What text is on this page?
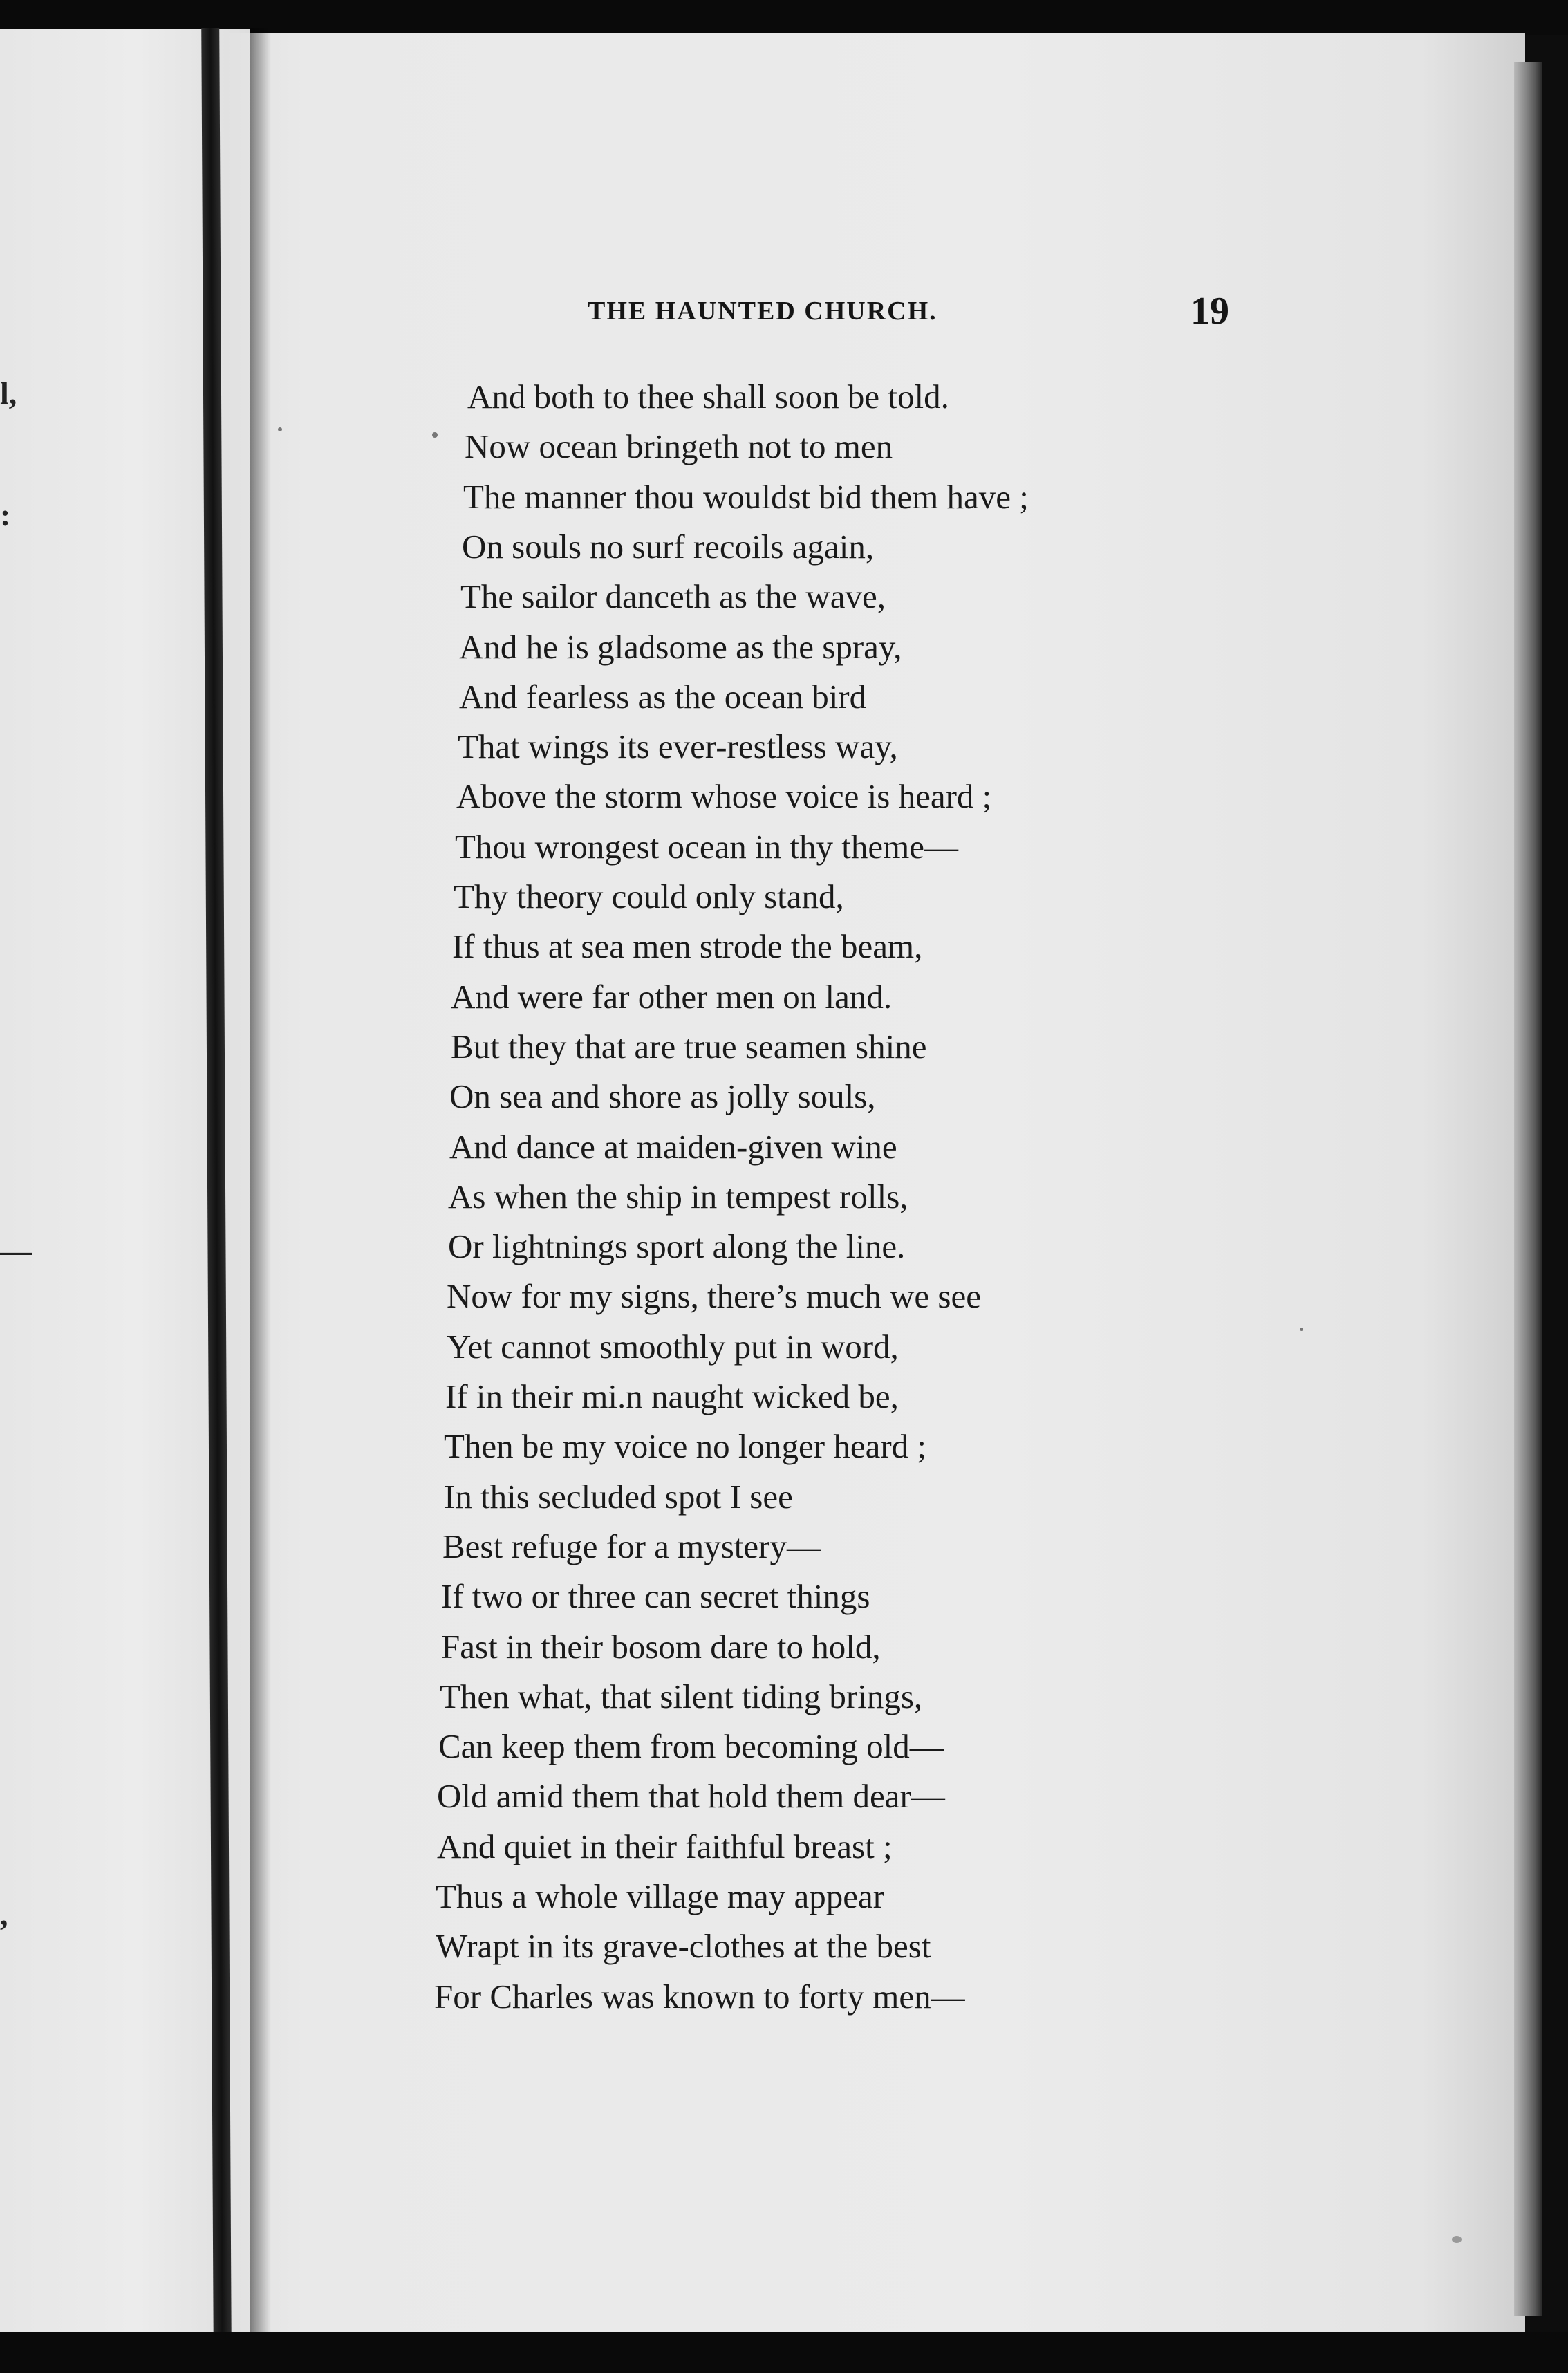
l,
:
—
,
THE HAUNTED CHURCH.	19
And both to thee shall soon be told.
Now ocean bringeth not to men
The manner thou wouldst bid them have ;
On souls no surf recoils again,
The sailor danceth as the wave,
And he is gladsome as the spray,
And fearless as the ocean bird
That wings its ever-restless way,
Above the storm whose voice is heard ;
Thou wrongest ocean in thy theme—
Thy theory could only stand,
If thus at sea men strode the beam,
And were far other men on land.
But they that are true seamen shine
On sea and shore as jolly souls,
And dance at maiden-given wine
As when the ship in tempest rolls,
Or lightnings sport along the line.
Now for my signs, there’s much we see
Yet cannot smoothly put in word,
If in their mi.n naught wicked be,
Then be my voice no longer heard ;
In this secluded spot I see
Best refuge for a mystery—
If two or three can secret things
Fast in their bosom dare to hold,
Then what, that silent tiding brings,
Can keep them from becoming old—
Old amid them that hold them dear—
And quiet in their faithful breast ;
Thus a whole village may appear
Wrapt in its grave-clothes at the best
For Charles was known to forty men—
